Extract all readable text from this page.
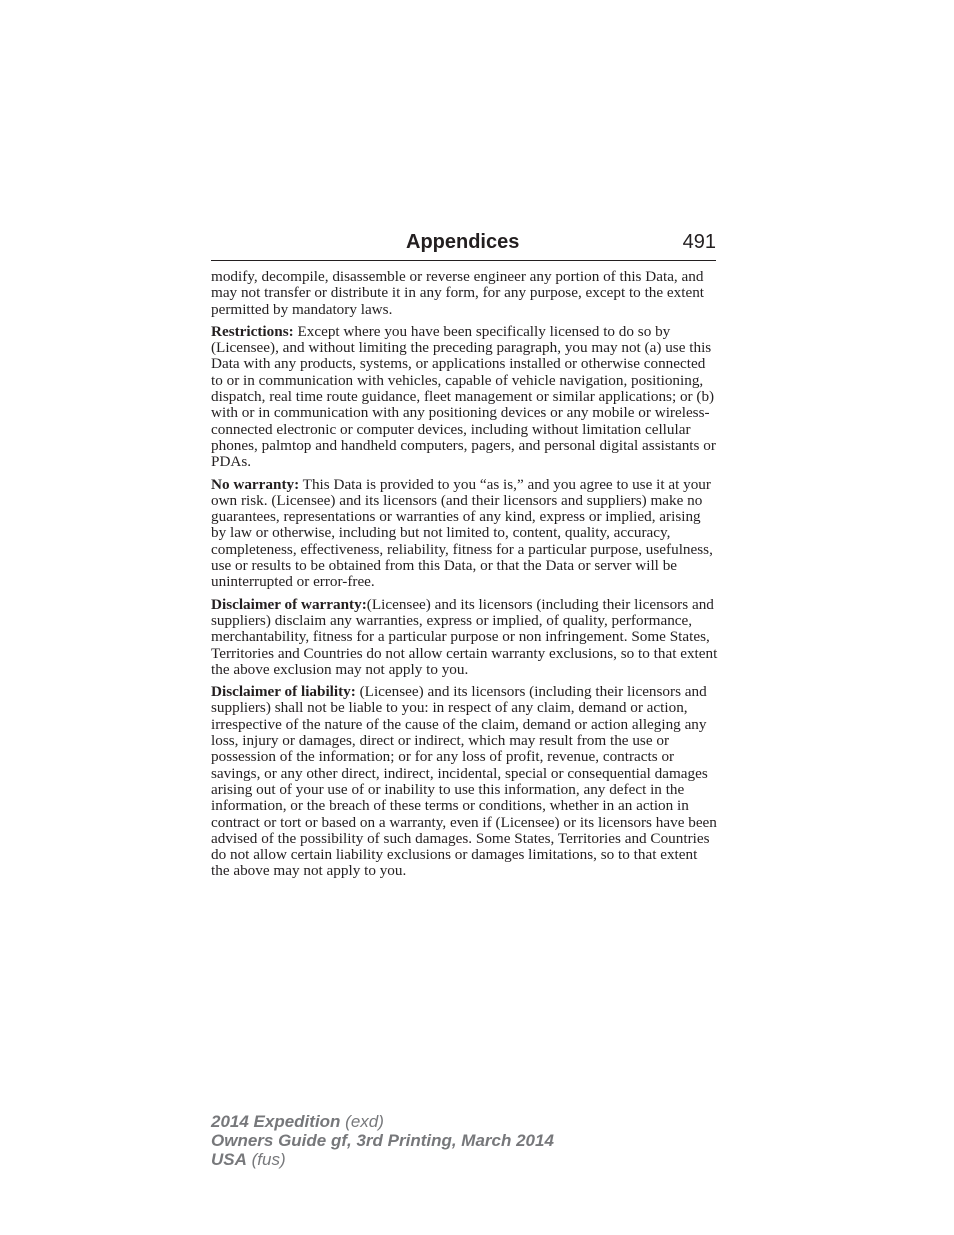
Appendices	491

modify, decompile, disassemble or reverse engineer any portion of this Data, and may not transfer or distribute it in any form, for any purpose, except to the extent permitted by mandatory laws.

Restrictions: Except where you have been specifically licensed to do so by (Licensee), and without limiting the preceding paragraph, you may not (a) use this Data with any products, systems, or applications installed or otherwise connected to or in communication with vehicles, capable of vehicle navigation, positioning, dispatch, real time route guidance, fleet management or similar applications; or (b) with or in communication with any positioning devices or any mobile or wireless-connected electronic or computer devices, including without limitation cellular phones, palmtop and handheld computers, pagers, and personal digital assistants or PDAs.

No warranty: This Data is provided to you “as is,” and you agree to use it at your own risk. (Licensee) and its licensors (and their licensors and suppliers) make no guarantees, representations or warranties of any kind, express or implied, arising by law or otherwise, including but not limited to, content, quality, accuracy, completeness, effectiveness, reliability, fitness for a particular purpose, usefulness, use or results to be obtained from this Data, or that the Data or server will be uninterrupted or error-free.

Disclaimer of warranty:(Licensee) and its licensors (including their licensors and suppliers) disclaim any warranties, express or implied, of quality, performance, merchantability, fitness for a particular purpose or non infringement. Some States, Territories and Countries do not allow certain warranty exclusions, so to that extent the above exclusion may not apply to you.

Disclaimer of liability: (Licensee) and its licensors (including their licensors and suppliers) shall not be liable to you: in respect of any claim, demand or action, irrespective of the nature of the cause of the claim, demand or action alleging any loss, injury or damages, direct or indirect, which may result from the use or possession of the information; or for any loss of profit, revenue, contracts or savings, or any other direct, indirect, incidental, special or consequential damages arising out of your use of or inability to use this information, any defect in the information, or the breach of these terms or conditions, whether in an action in contract or tort or based on a warranty, even if (Licensee) or its licensors have been advised of the possibility of such damages. Some States, Territories and Countries do not allow certain liability exclusions or damages limitations, so to that extent the above may not apply to you.

2014 Expedition (exd)
Owners Guide gf, 3rd Printing, March 2014
USA (fus)
